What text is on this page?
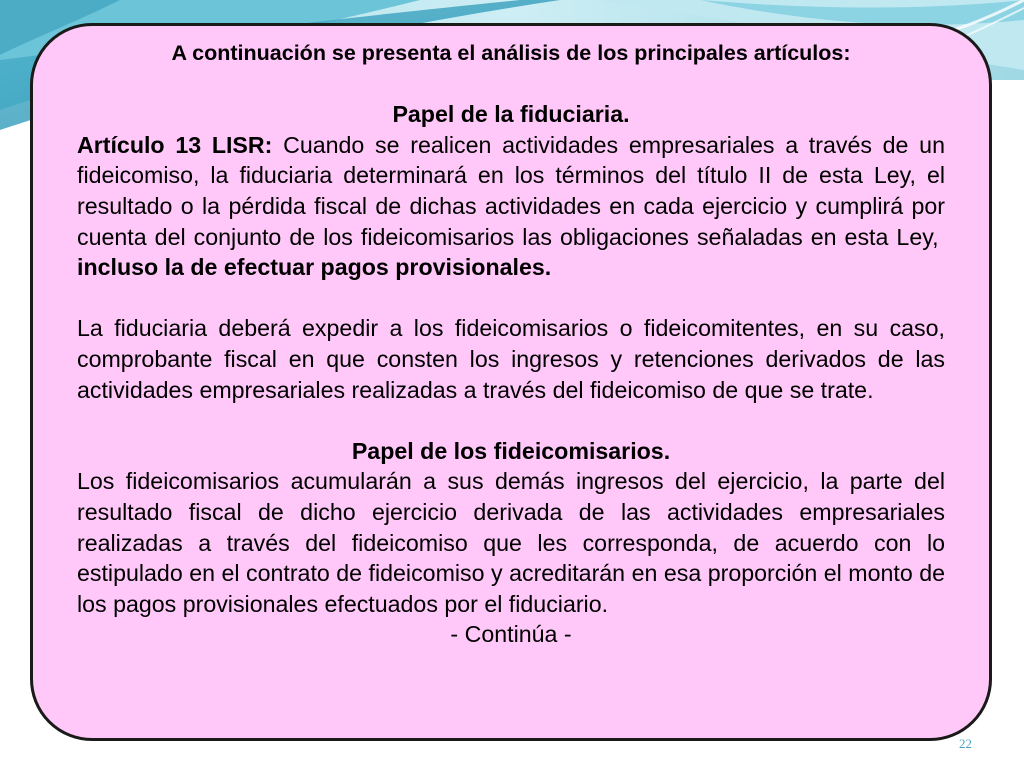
A continuación se presenta el análisis de los principales artículos:
Papel de la fiduciaria.
Artículo 13 LISR: Cuando se realicen actividades empresariales a través de un fideicomiso, la fiduciaria determinará en los términos del título II de esta Ley, el resultado o la pérdida fiscal de dichas actividades en cada ejercicio y cumplirá por cuenta del conjunto de los fideicomisarios las obligaciones señaladas en esta Ley,  incluso la de efectuar pagos provisionales.
La fiduciaria deberá expedir a los fideicomisarios o fideicomitentes, en su caso, comprobante fiscal en que consten los ingresos y retenciones derivados de las actividades empresariales realizadas a través del fideicomiso de que se trate.
Papel de los fideicomisarios.
Los fideicomisarios acumularán a sus demás ingresos del ejercicio, la parte del resultado fiscal de dicho ejercicio derivada de las actividades empresariales realizadas a través del fideicomiso que les corresponda, de acuerdo con lo estipulado en el contrato de fideicomiso y acreditarán en esa proporción el monto de los pagos provisionales efectuados por el fiduciario.
- Continúa -
22
